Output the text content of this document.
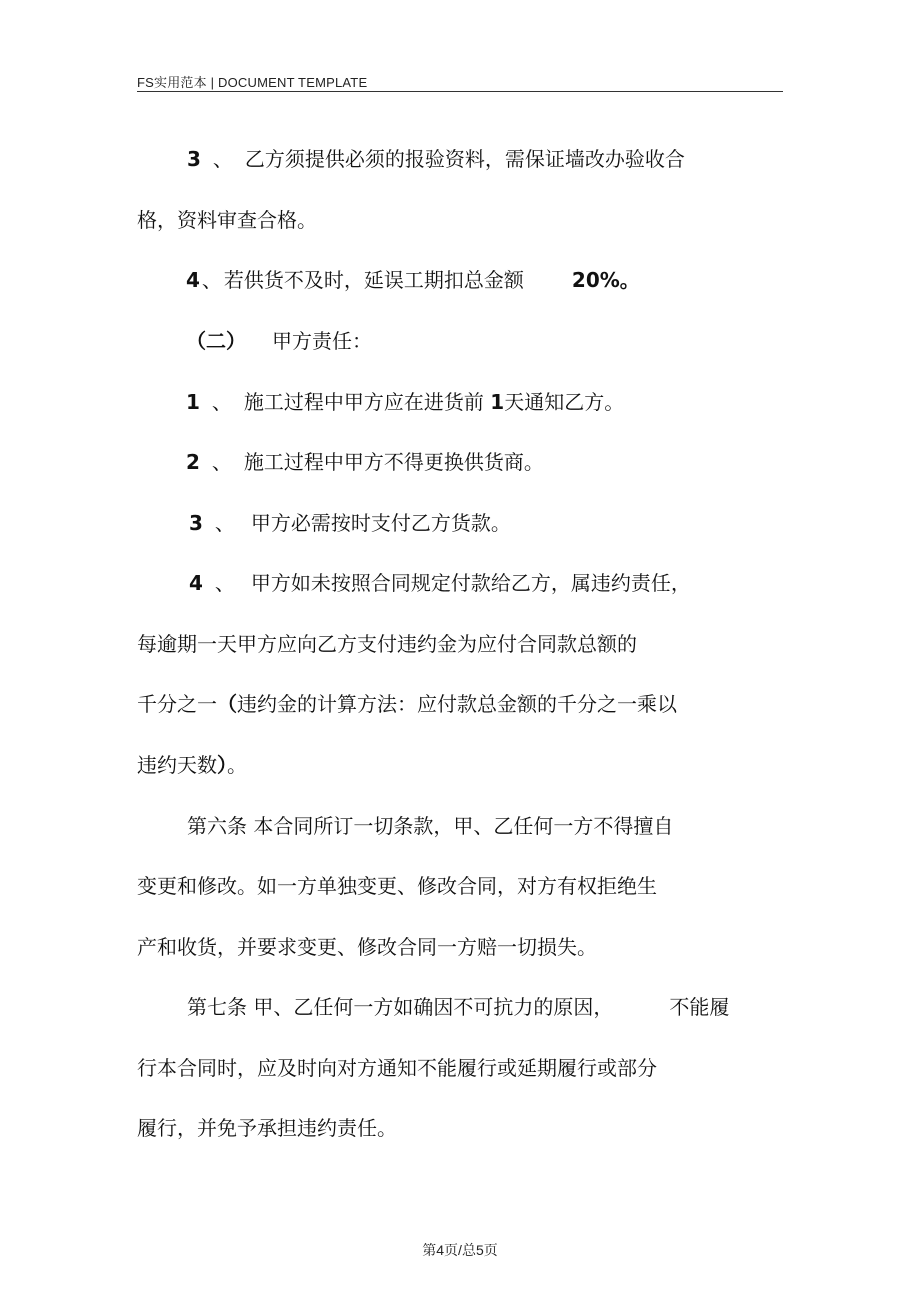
FS实用范本 | DOCUMENT TEMPLATE
3 、 乙方须提供必须的报验资料，需保证墙改办验收合
格，资料审查合格。
4 、 若供货不及时，延误工期扣总金额 20%。
（二） 甲方责任：
1 、 施工过程中甲方应在进货前 1天通知乙方。
2 、 施工过程中甲方不得更换供货商。
3 、 甲方必需按时支付乙方货款。
4 、 甲方如未按照合同规定付款给乙方，属违约责任，
每逾期一天甲方应向乙方支付违约金为应付合同款总额的
千分之一（违约金的计算方法：应付款总金额的千分之一乘以
违约天数）。
第六条 本合同所订一切条款，甲、乙任何一方不得擅自
变更和修改。如一方单独变更、修改合同，对方有权拒绝生
产和收货，并要求变更、修改合同一方赔一切损失。
第七条 甲、乙任何一方如确因不可抗力的原因，	不能履
行本合同时，应及时向对方通知不能履行或延期履行或部分
履行，并免予承担违约责任。
第4页/总5页
